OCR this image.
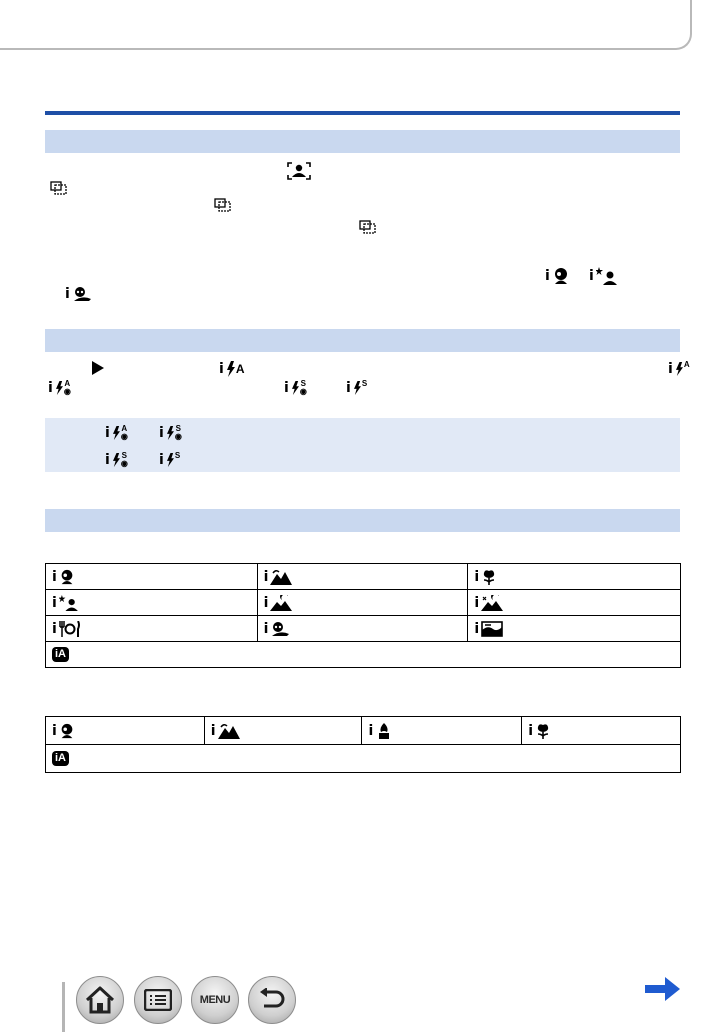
i	i
i
i A	i A
i A
◉	i S
◉	i S
i A
◉ i S
◉
i S
◉ i S
i	i	i

i	i	i

i	i	i

iA		
i	i	i	i

iA
MENU
